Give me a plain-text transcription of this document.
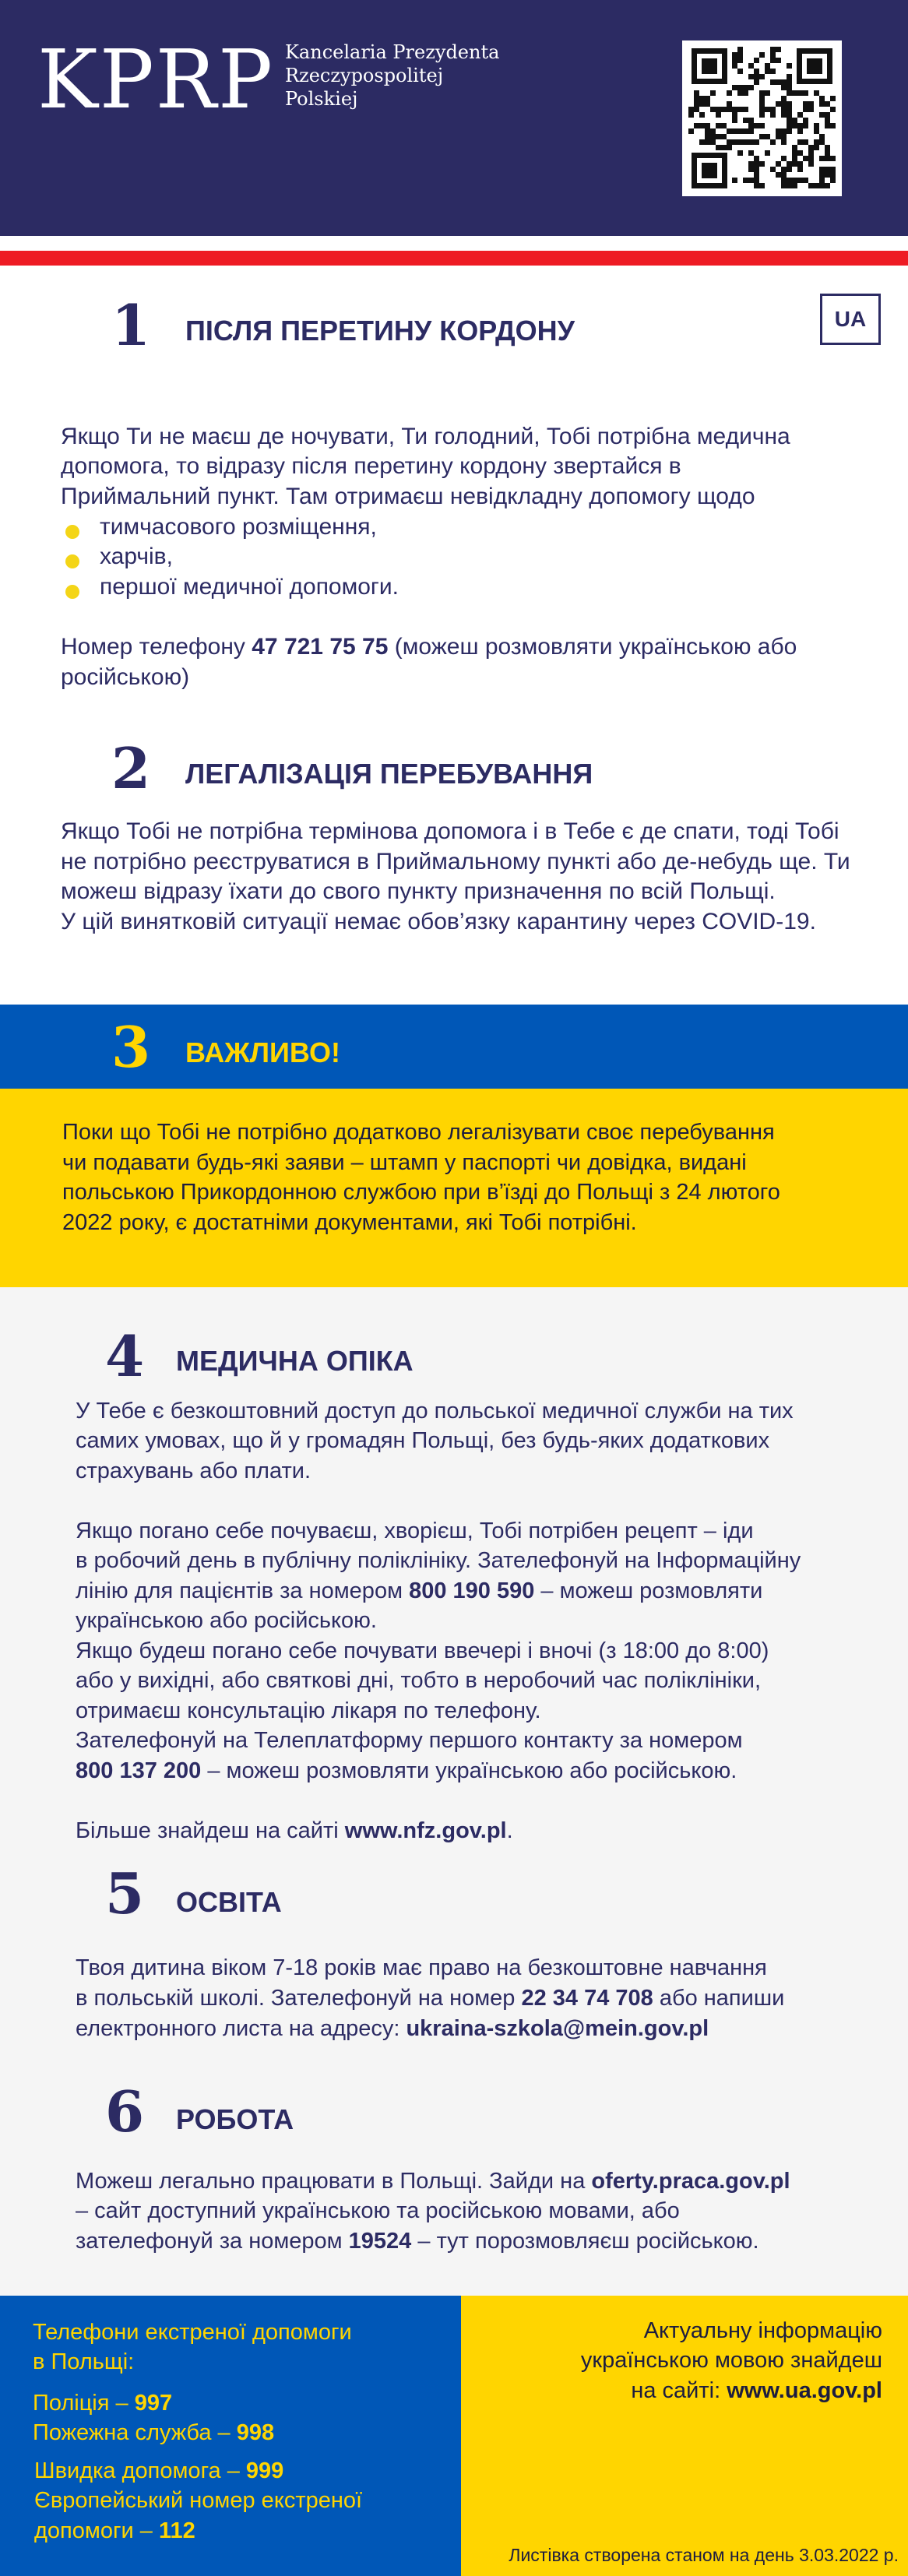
KPRP Kancelaria Prezydenta
Rzeczypospolitej
Polskiej
UA
1 ПІСЛЯ ПЕРЕТИНУ КОРДОНУ
Якщо Ти не маєш де ночувати, Ти голодний, Тобі потрібна медична
допомога, то відразу після перетину кордону звертайся в
Приймальний пункт. Там отримаєш невідкладну допомогу щодо
тимчасового розміщення,
харчів,
першої медичної допомоги.
Номер телефону 47 721 75 75 (можеш розмовляти українською або
російською)
2 ЛЕГАЛІЗАЦІЯ ПЕРЕБУВАННЯ
Якщо Тобі не потрібна термінова допомога і в Тебе є де спати, тоді Тобі
не потрібно реєструватися в Приймальному пункті або де-небудь ще. Ти
можеш відразу їхати до свого пункту призначення по всій Польщі.
У цій винятковій ситуації немає обов’язку карантину через COVID-19.
3 ВАЖЛИВО!
Поки що Тобі не потрібно додатково легалізувати своє перебування
чи подавати будь-які заяви – штамп у паспорті чи довідка, видані
польською Прикордонною службою при в’їзді до Польщі з 24 лютого
2022 року, є достатніми документами, які Тобі потрібні.
4 МЕДИЧНА ОПІКА
У Тебе є безкоштовний доступ до польської медичної служби на тих
самих умовах, що й у громадян Польщі, без будь-яких додаткових
страхувань або плати.
Якщо погано себе почуваєш, хворієш, Тобі потрібен рецепт – іди
в робочий день в публічну поліклініку. Зателефонуй на Інформаційну
лінію для пацієнтів за номером 800 190 590 – можеш розмовляти
українською або російською.
Якщо будеш погано себе почувати ввечері і вночі (з 18:00 до 8:00)
або у вихідні, або святкові дні, тобто в неробочий час поліклініки,
отримаєш консультацію лікаря по телефону.
Зателефонуй на Телеплатформу першого контакту за номером
800 137 200 – можеш розмовляти українською або російською.
Більше знайдеш на сайті www.nfz.gov.pl.
5 ОСВІТА
Твоя дитина віком 7-18 років має право на безкоштовне навчання
в польській школі. Зателефонуй на номер 22 34 74 708 або напиши
електронного листа на адресу: ukraina-szkola@mein.gov.pl
6 РОБОТА
Можеш легально працювати в Польщі. Зайди на oferty.praca.gov.pl
– сайт доступний українською та російською мовами, або
зателефонуй за номером 19524 – тут порозмовляєш російською.
Телефони екстреної допомоги
в Польщі:
Поліція – 997
Пожежна служба – 998
Швидка допомога – 999
Європейський номер екстреної
допомоги – 112
Актуальну інформацію
українською мовою знайдеш
на сайті: www.ua.gov.pl
Листівка створена станом на день 3.03.2022 р.
